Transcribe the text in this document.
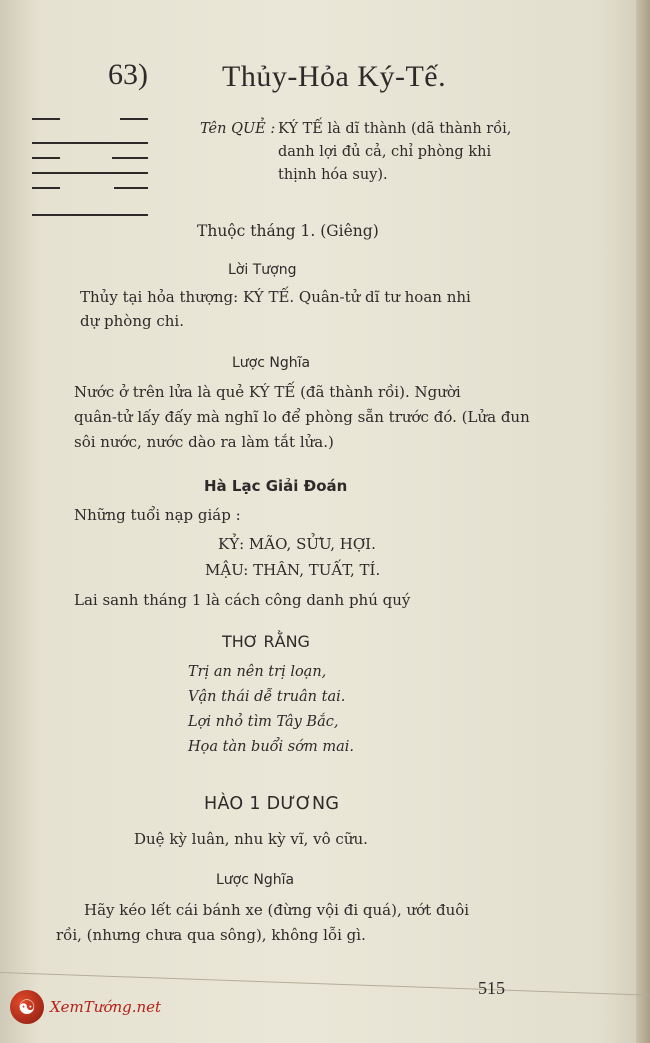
63) Thủy-Hỏa Ký-Tế.
Tên QUẺ : KÝ TẾ là dĩ thành (dã thành rồi,
danh lợi đủ cả, chỉ phòng khi
thịnh hóa suy).
Thuộc tháng 1. (Giêng)
Lời Tượng
Thủy tại hỏa thượng: KÝ TẾ. Quân-tử dĩ tư hoan nhi
dự phòng chi.
Lược Nghĩa
Nước ở trên lửa là quẻ KÝ TẾ (đã thành rồi). Người
quân-tử lấy đấy mà nghĩ lo để phòng sẵn trước đó. (Lửa đun
sôi nước, nước dào ra làm tắt lửa.)
Hà Lạc Giải Đoán
Những tuổi nạp giáp :
KỶ: MÃO, SỬU, HỢI.
MẬU: THÂN, TUẤT, TÍ.
Lai sanh tháng 1 là cách công danh phú quý
THƠ RẰNG
Trị an nên trị loạn,
Vận thái dễ truân tai.
Lợi nhỏ tìm Tây Bắc,
Họa tàn buổi sớm mai.
HÀO 1 DƯƠNG
Duệ kỳ luân, nhu kỳ vĩ, vô cữu.
Lược Nghĩa
Hãy kéo lết cái bánh xe (đừng vội đi quá), ướt đuôi
rồi, (nhưng chưa qua sông), không lỗi gì.
515
☯ XemTướng.net
